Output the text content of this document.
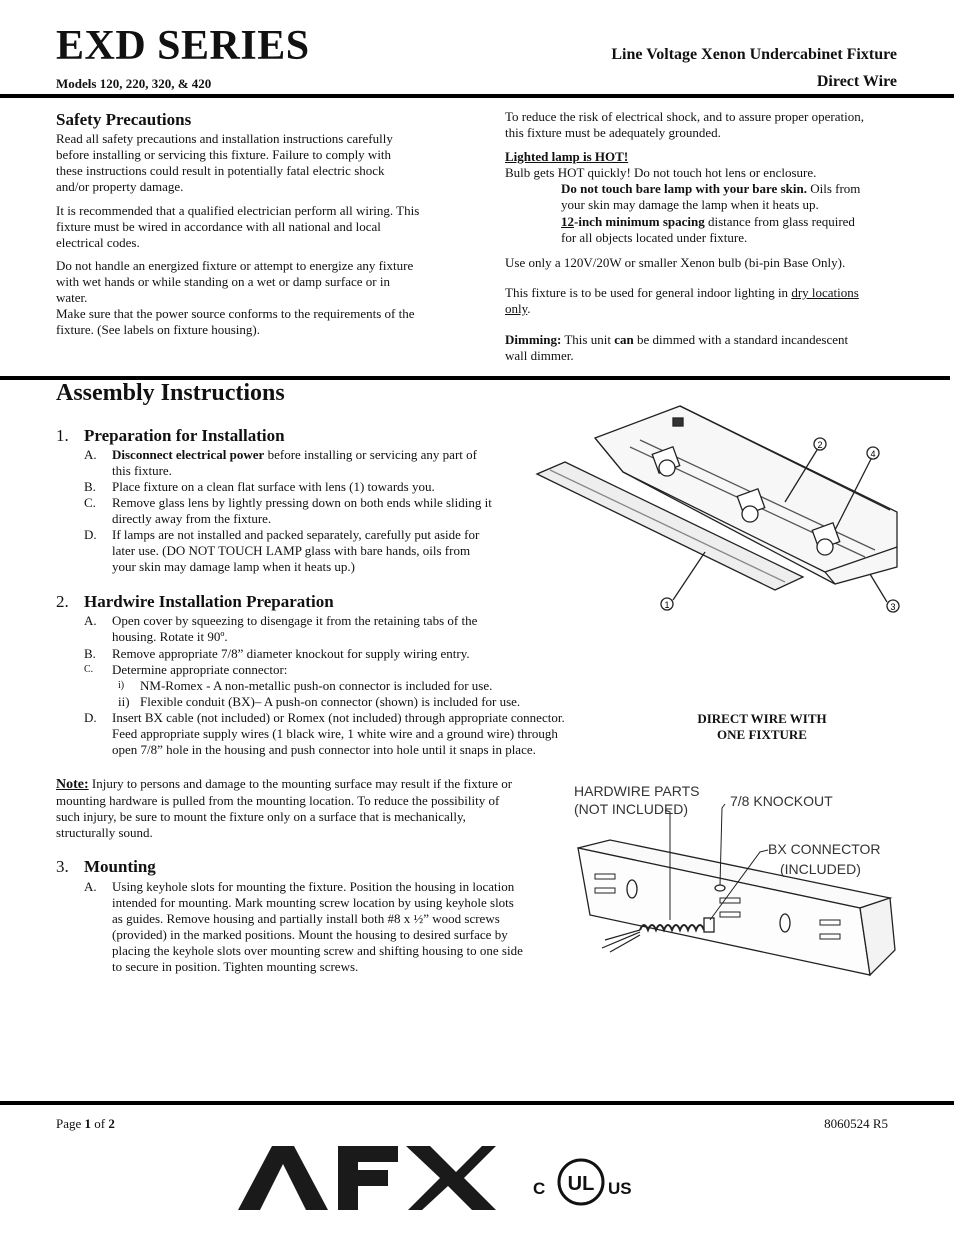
EXD SERIES
Models 120, 220, 320, & 420
Line Voltage Xenon Undercabinet Fixture
Direct Wire
Safety Precautions
Read all safety precautions and installation instructions carefully
before installing or servicing this fixture. Failure to comply with
these instructions could result in potentially fatal electric shock
and/or property damage.
It is recommended that a qualified electrician perform all wiring. This
fixture must be wired in accordance with all national and local
electrical codes.
Do not handle an energized fixture or attempt to energize any fixture
with wet hands or while standing on a wet or damp surface or in
water.
Make sure that the power source conforms to the requirements of the
fixture. (See labels on fixture housing).
To reduce the risk of electrical shock, and to assure proper operation,
this fixture must be adequately grounded.
Lighted lamp is HOT!
Bulb gets HOT quickly! Do not touch hot lens or enclosure.
Do not touch bare lamp with your bare skin. Oils from
your skin may damage the lamp when it heats up.
12-inch minimum spacing distance from glass required
for all objects located under fixture.
Use only a 120V/20W or smaller Xenon bulb (bi-pin Base Only).
This fixture is to be used for general indoor lighting in dry locations
only.
Dimming: This unit can be dimmed with a standard incandescent
wall dimmer.
Assembly Instructions
1. Preparation for Installation
A. Disconnect electrical power before installing or servicing any part of
this fixture.
B. Place fixture on a clean flat surface with lens (1) towards you.
C. Remove glass lens by lightly pressing down on both ends while sliding it
directly away from the fixture.
D. If lamps are not installed and packed separately, carefully put aside for
later use. (DO NOT TOUCH LAMP glass with bare hands, oils from
your skin may damage lamp when it heats up.)
2. Hardwire Installation Preparation
A. Open cover by squeezing to disengage it from the retaining tabs of the
housing. Rotate it 90º.
B. Remove appropriate 7/8” diameter knockout for supply wiring entry.
C. Determine appropriate connector:
i) NM-Romex - A non-metallic push-on connector is included for use.
ii) Flexible conduit (BX)– A push-on connector (shown) is included for use.
D. Insert BX cable (not included) or Romex (not included) through appropriate connector.
Feed appropriate supply wires (1 black wire, 1 white wire and a ground wire) through
open 7/8” hole in the housing and push connector into hole until it snaps in place.
Note: Injury to persons and damage to the mounting surface may result if the fixture or
mounting hardware is pulled from the mounting location. To reduce the possibility of
such injury, be sure to mount the fixture only on a surface that is mechanically,
structurally sound.
3. Mounting
A. Using keyhole slots for mounting the fixture. Position the housing in location
intended for mounting. Mark mounting screw location by using keyhole slots
as guides. Remove housing and partially install both #8 x ½” wood screws
(provided) in the marked positions. Mount the housing to desired surface by
placing the keyhole slots over mounting screw and shifting housing to one side
to secure in position. Tighten mounting screws.
1
2
3
4
DIRECT WIRE WITH
ONE FIXTURE
HARDWIRE PARTS
(NOT INCLUDED)	7/8 KNOCKOUT
BX CONNECTOR
(INCLUDED)
Page 1 of 2	8060524 R5
AFX
UL
C	US
